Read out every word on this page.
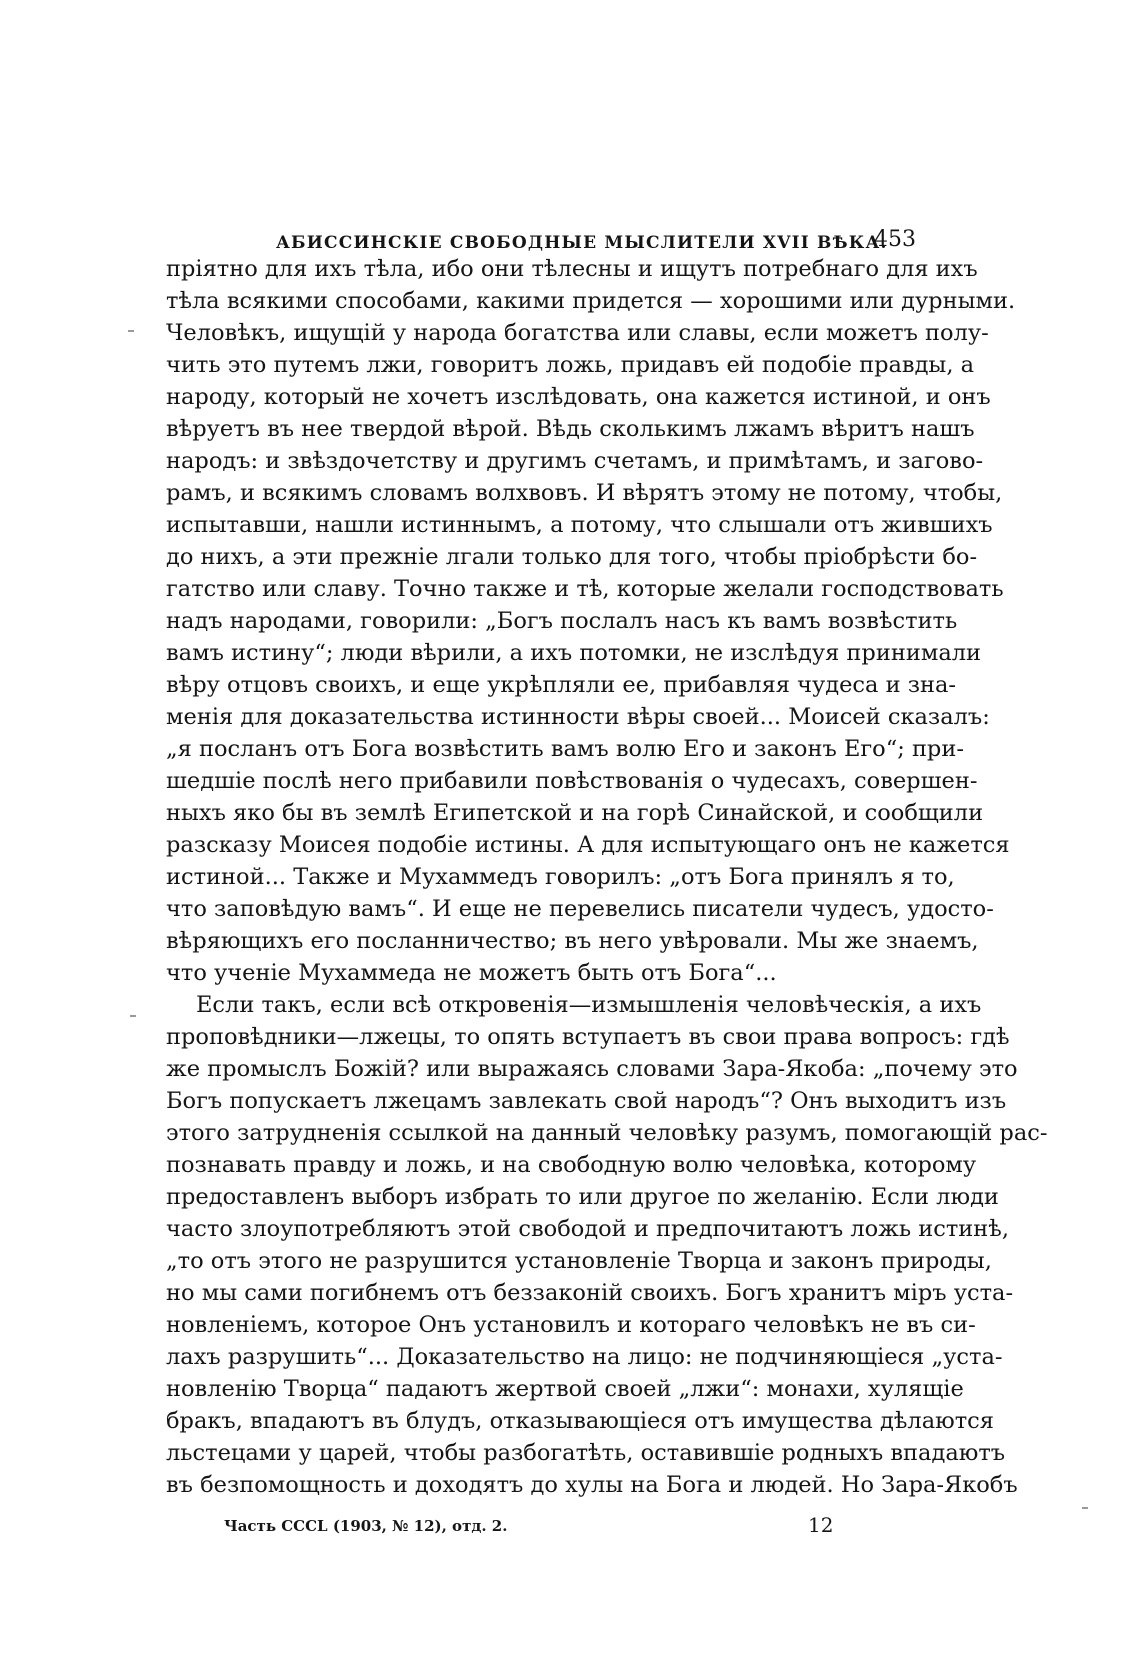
АБИССИНСКІЕ СВОБОДНЫЕ МЫСЛИТЕЛИ XVII ВѢКА.
453
пріятно для ихъ тѣла, ибо они тѣлесны и ищутъ потребнаго для ихъ
тѣла всякими способами, какими придется — хорошими или дурными.
Человѣкъ, ищущій у народа богатства или славы, если можетъ полу-
чить это путемъ лжи, говоритъ ложь, придавъ ей подобіе правды, а
народу, который не хочетъ изслѣдовать, она кажется истиной, и онъ
вѣруетъ въ нее твердой вѣрой. Вѣдь сколькимъ лжамъ вѣритъ нашъ
народъ: и звѣздочетству и другимъ счетамъ, и примѣтамъ, и загово-
рамъ, и всякимъ словамъ волхвовъ. И вѣрятъ этому не потому, чтобы,
испытавши, нашли истиннымъ, а потому, что слышали отъ жившихъ
до нихъ, а эти прежніе лгали только для того, чтобы пріобрѣсти бо-
гатство или славу. Точно также и тѣ, которые желали господствовать
надъ народами, говорили: „Богъ послалъ насъ къ вамъ возвѣстить
вамъ истину“; люди вѣрили, а ихъ потомки, не изслѣдуя принимали
вѣру отцовъ своихъ, и еще укрѣпляли ее, прибавляя чудеса и зна-
менія для доказательства истинности вѣры своей... Моисей сказалъ:
„я посланъ отъ Бога возвѣстить вамъ волю Его и законъ Его“; при-
шедшіе послѣ него прибавили повѣствованія о чудесахъ, совершен-
ныхъ яко бы въ землѣ Египетской и на горѣ Синайской, и сообщили
разсказу Моисея подобіе истины. А для испытующаго онъ не кажется
истиной... Также и Мухаммедъ говорилъ: „отъ Бога принялъ я то,
что заповѣдую вамъ“. И еще не перевелись писатели чудесъ, удосто-
вѣряющихъ его посланничество; въ него увѣровали. Мы же знаемъ,
что ученіе Мухаммеда не можетъ быть отъ Бога“...
Если такъ, если всѣ откровенія—измышленія человѣческія, а ихъ
проповѣдники—лжецы, то опять вступаетъ въ свои права вопросъ: гдѣ
же промыслъ Божій? или выражаясь словами Зара-Якоба: „почему это
Богъ попускаетъ лжецамъ завлекать свой народъ“? Онъ выходитъ изъ
этого затрудненія ссылкой на данный человѣку разумъ, помогающій рас-
познавать правду и ложь, и на свободную волю человѣка, которому
предоставленъ выборъ избрать то или другое по желанію. Если люди
часто злоупотребляютъ этой свободой и предпочитаютъ ложь истинѣ,
„то отъ этого не разрушится установленіе Творца и законъ природы,
но мы сами погибнемъ отъ беззаконій своихъ. Богъ хранитъ міръ уста-
новленіемъ, которое Онъ установилъ и котораго человѣкъ не въ си-
лахъ разрушить“... Доказательство на лицо: не подчиняющіеся „уста-
новленію Творца“ падаютъ жертвой своей „лжи“: монахи, хулящіе
бракъ, впадаютъ въ блудъ, отказывающіеся отъ имущества дѣлаются
льстецами у царей, чтобы разбогатѣть, оставившіе родныхъ впадаютъ
въ безпомощность и доходятъ до хулы на Бога и людей. Но Зара-Якобъ
Часть CCCL (1903, № 12), отд. 2.	12
